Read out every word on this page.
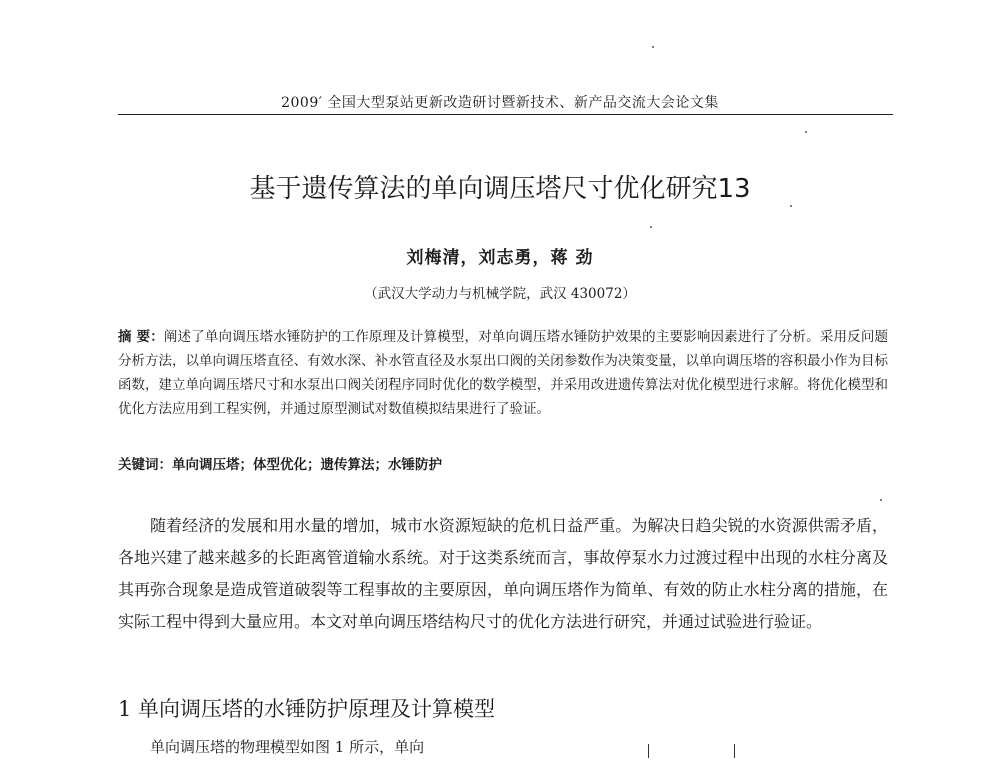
2009′ 全国大型泵站更新改造研讨暨新技术、新产品交流大会论文集
基于遗传算法的单向调压塔尺寸优化研究13
刘梅清，刘志勇，蒋 劲
（武汉大学动力与机械学院，武汉 430072）
摘 要：阐述了单向调压塔水锤防护的工作原理及计算模型，对单向调压塔水锤防护效果的主要影响因素进行了分析。采用反问题分析方法，以单向调压塔直径、有效水深、补水管直径及水泵出口阀的关闭参数作为决策变量，以单向调压塔的容积最小作为目标函数，建立单向调压塔尺寸和水泵出口阀关闭程序同时优化的数学模型，并采用改进遗传算法对优化模型进行求解。将优化模型和优化方法应用到工程实例，并通过原型测试对数值模拟结果进行了验证。
关键词：单向调压塔；体型优化；遗传算法；水锤防护

随着经济的发展和用水量的增加，城市水资源短缺的危机日益严重。为解决日趋尖锐的水资源供需矛盾，各地兴建了越来越多的长距离管道输水系统。对于这类系统而言，事故停泵水力过渡过程中出现的水柱分离及其再弥合现象是造成管道破裂等工程事故的主要原因，单向调压塔作为简单、有效的防止水柱分离的措施，在实际工程中得到大量应用。本文对单向调压塔结构尺寸的优化方法进行研究，并通过试验进行验证。

1 单向调压塔的水锤防护原理及计算模型

单向调压塔的物理模型如图 1 所示，单向
